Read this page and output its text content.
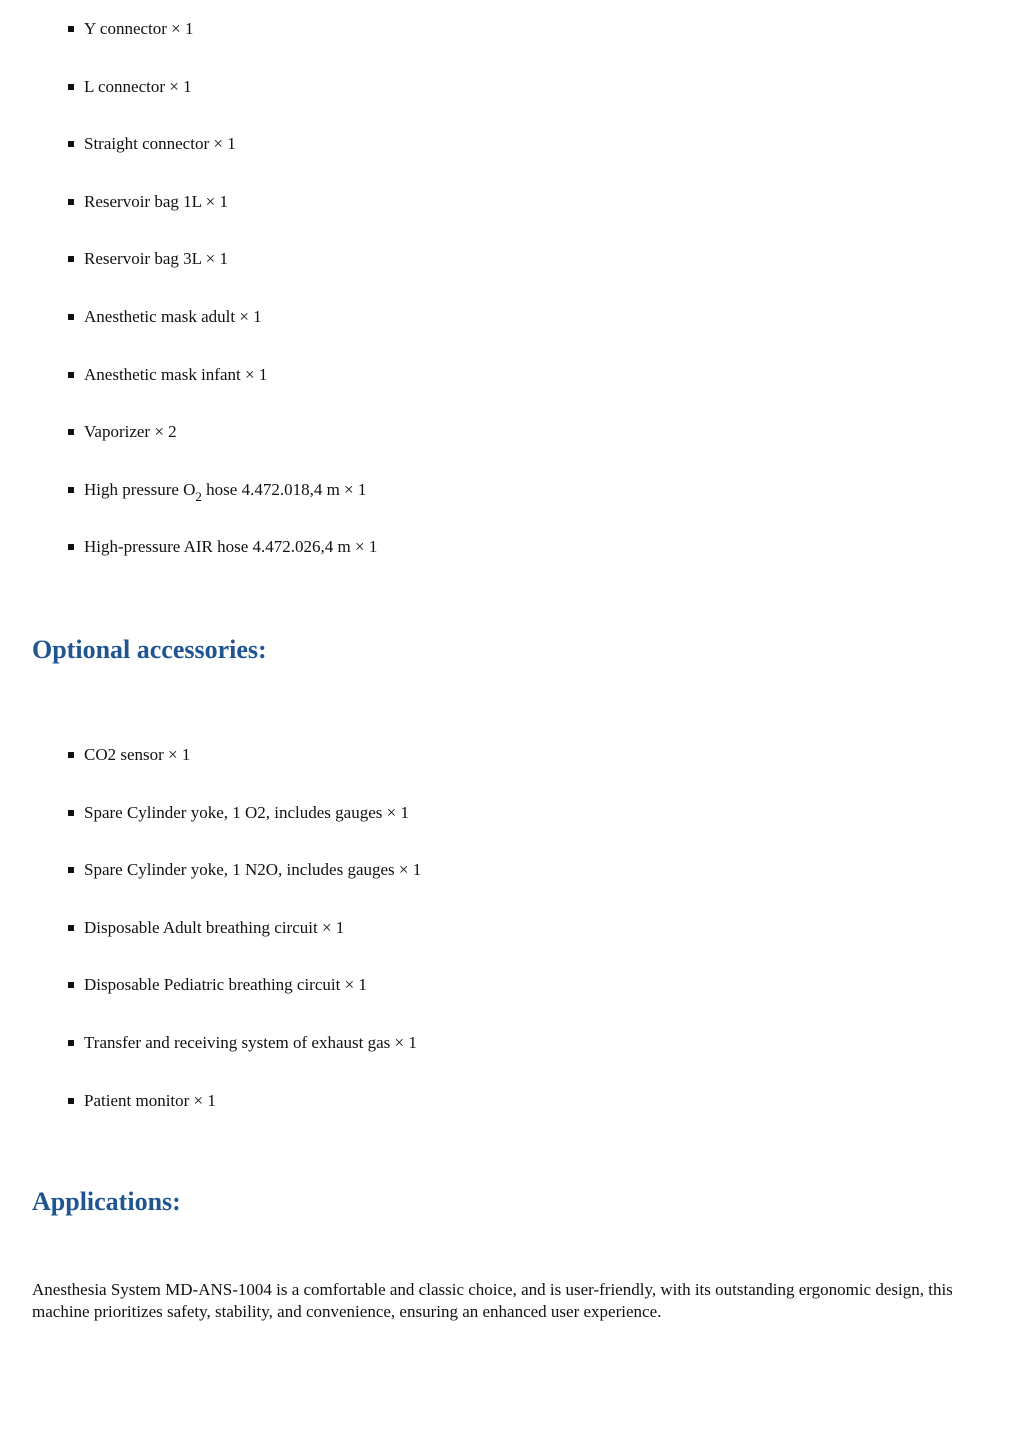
Y connector × 1
L connector × 1
Straight connector × 1
Reservoir bag 1L × 1
Reservoir bag 3L × 1
Anesthetic mask adult × 1
Anesthetic mask infant × 1
Vaporizer × 2
High pressure $O_2$ hose 4.472.018,4 m × 1
High-pressure AIR hose 4.472.026,4 m × 1
Optional accessories:
CO2 sensor × 1
Spare Cylinder yoke, 1 O2, includes gauges × 1
Spare Cylinder yoke, 1 N2O, includes gauges × 1
Disposable Adult breathing circuit × 1
Disposable Pediatric breathing circuit × 1
Transfer and receiving system of exhaust gas × 1
Patient monitor × 1
Applications:

Anesthesia System MD-ANS-1004 is a comfortable and classic choice, and is user-friendly, with its outstanding ergonomic design, this machine prioritizes safety, stability, and convenience, ensuring an enhanced user experience.
